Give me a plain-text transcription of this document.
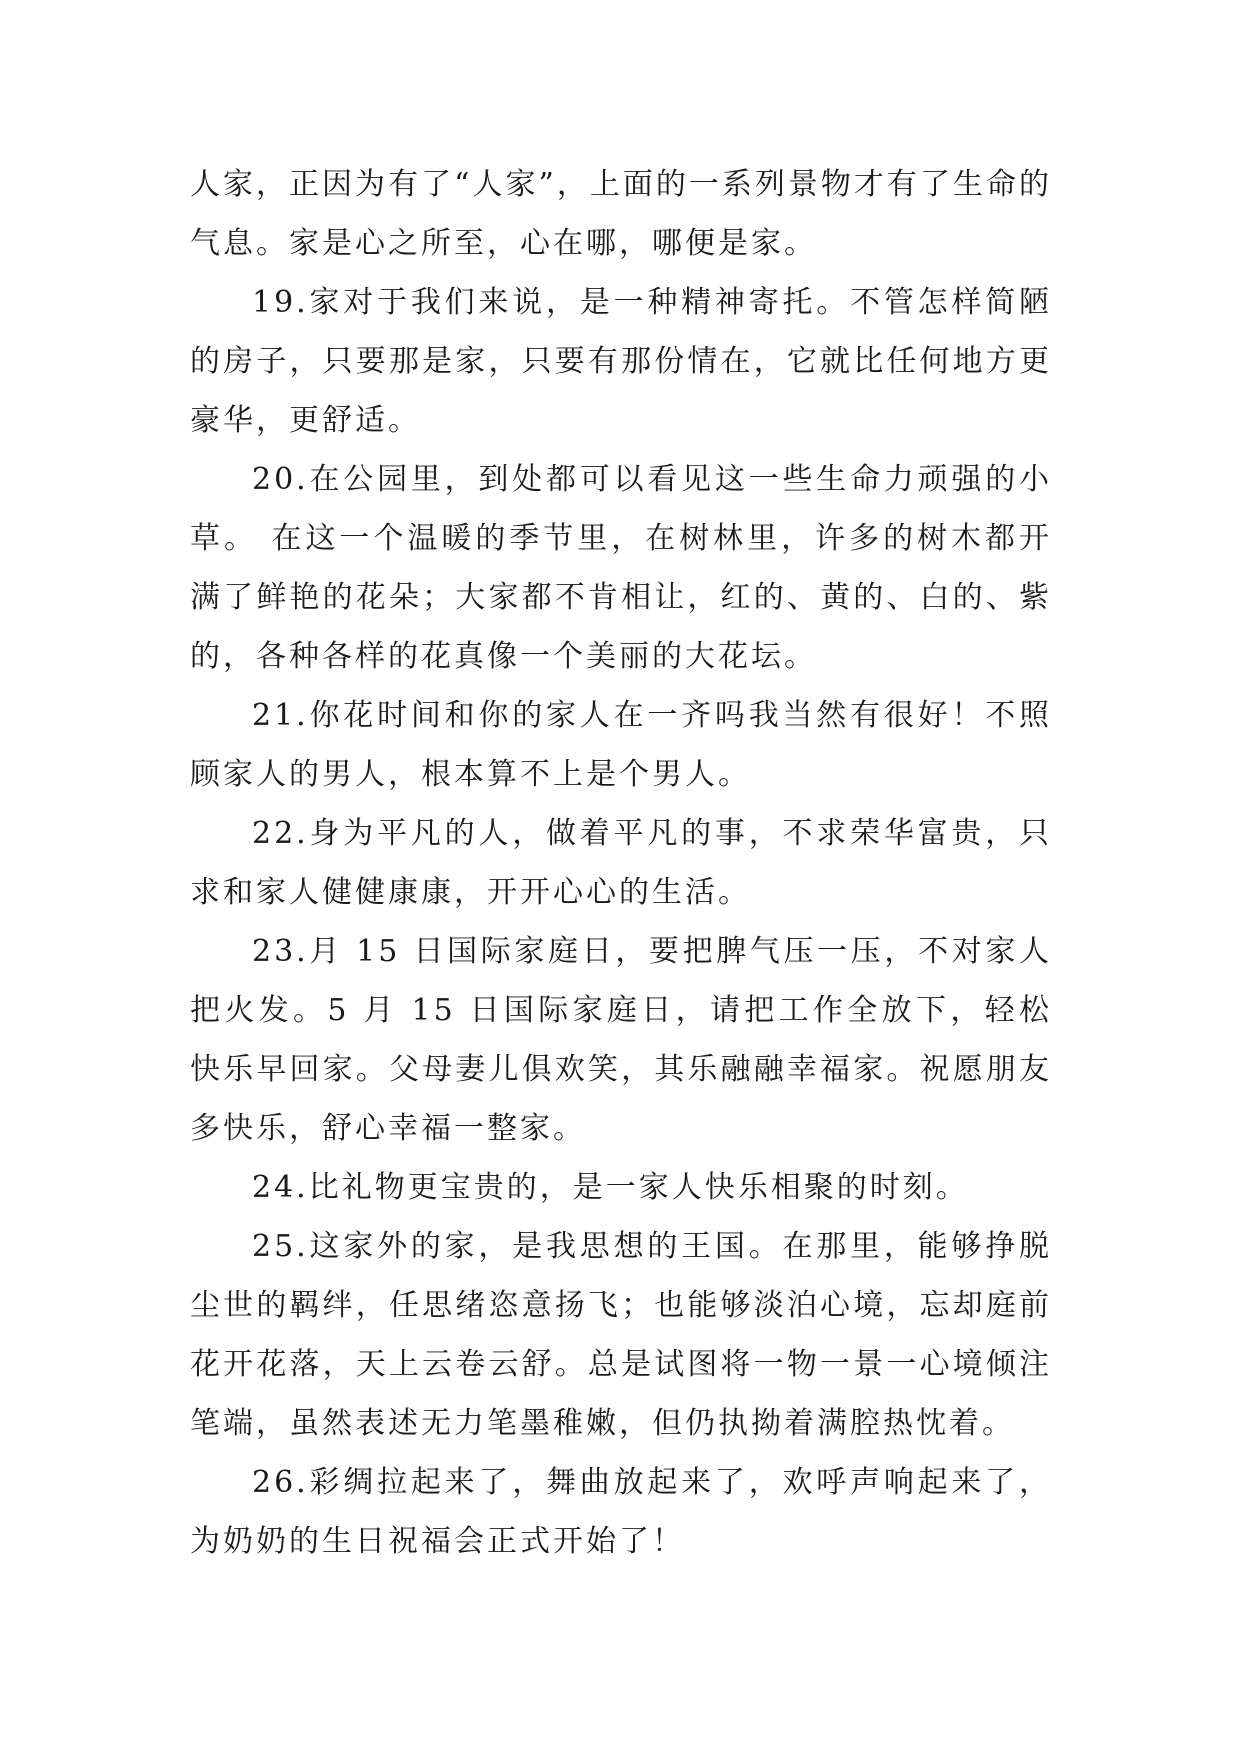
人家，正因为有了“人家”，上面的一系列景物才有了生命的气息。家是心之所至，心在哪，哪便是家。

19.家对于我们来说，是一种精神寄托。不管怎样简陋的房子，只要那是家，只要有那份情在，它就比任何地方更豪华，更舒适。

20.在公园里，到处都可以看见这一些生命力顽强的小草。 在这一个温暖的季节里，在树林里，许多的树木都开满了鲜艳的花朵；大家都不肯相让，红的、黄的、白的、紫的，各种各样的花真像一个美丽的大花坛。

21.你花时间和你的家人在一齐吗我当然有很好！不照顾家人的男人，根本算不上是个男人。

22.身为平凡的人，做着平凡的事，不求荣华富贵，只求和家人健健康康，开开心心的生活。

23.月 15 日国际家庭日，要把脾气压一压，不对家人把火发。5 月 15 日国际家庭日，请把工作全放下，轻松快乐早回家。父母妻儿俱欢笑，其乐融融幸福家。祝愿朋友多快乐，舒心幸福一整家。

24.比礼物更宝贵的，是一家人快乐相聚的时刻。

25.这家外的家，是我思想的王国。在那里，能够挣脱尘世的羁绊，任思绪恣意扬飞；也能够淡泊心境，忘却庭前花开花落，天上云卷云舒。总是试图将一物一景一心境倾注笔端，虽然表述无力笔墨稚嫩，但仍执拗着满腔热忱着。

26.彩绸拉起来了，舞曲放起来了，欢呼声响起来了，为奶奶的生日祝福会正式开始了！
